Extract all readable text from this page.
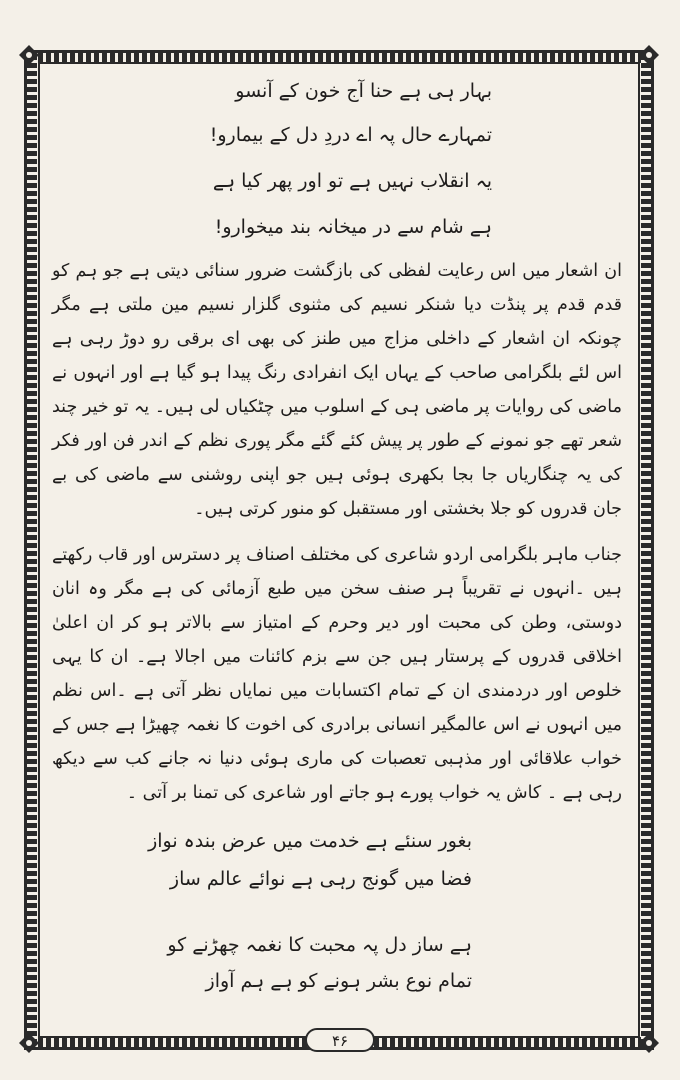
بہار ہی ہے حنا آج خون کے آنسو
تمہارے حال پہ اے دردِ دل کے بیمارو!
یہ انقلاب نہیں ہے تو اور پھر کیا ہے
ہے شام سے در میخانہ بند میخوارو!
ان اشعار میں اس رعایت لفظی کی بازگشت ضرور سنائی دیتی ہے جو ہم کو قدم قدم پر پنڈت دیا شنکر نسیم کی مثنوی گلزار نسیم مین ملتی ہے مگر چونکہ ان اشعار کے داخلی مزاج میں طنز کی بھی ای برقی رو دوڑ رہی ہے اس لئے بلگرامی صاحب کے یہاں ایک انفرادی رنگ پیدا ہو گیا ہے اور انہوں نے ماضی کی روایات پر ماضی ہی کے اسلوب میں چٹکیاں لی ہیں۔ یہ تو خیر چند شعر تھے جو نمونے کے طور پر پیش کئے گئے مگر پوری نظم کے اندر فن اور فکر کی یہ چنگاریاں جا بجا بکھری ہوئی ہیں جو اپنی روشنی سے ماضی کی بے جان قدروں کو جلا بخشتی اور مستقبل کو منور کرتی ہیں۔
جناب ماہر بلگرامی اردو شاعری کی مختلف اصناف پر دسترس اور قاب رکھتے ہیں ۔انہوں نے تقریباً ہر صنف سخن میں طبع آزمائی کی ہے مگر وہ انان دوستی، وطن کی محبت اور دیر وحرم کے امتیاز سے بالاتر ہو کر ان اعلیٰ اخلاقی قدروں کے پرستار ہیں جن سے بزم کائنات میں اجالا ہے۔ ان کا یہی خلوص اور دردمندی ان کے تمام اکتسابات میں نمایاں نظر آتی ہے ۔اس نظم میں انہوں نے اس عالمگیر انسانی برادری کی اخوت کا نغمہ چھیڑا ہے جس کے خواب علاقائی اور مذہبی تعصبات کی ماری ہوئی دنیا نہ جانے کب سے دیکھ رہی ہے ۔ کاش یہ خواب پورے ہو جاتے اور شاعری کی تمنا بر آتی ۔
بغور سنئے ہے خدمت میں عرض بندہ نواز
فضا میں گونج رہی ہے نوائے عالم ساز
ہے ساز دل پہ محبت کا نغمہ چھڑنے کو
تمام نوع بشر ہونے کو ہے ہم آواز
۴۶
